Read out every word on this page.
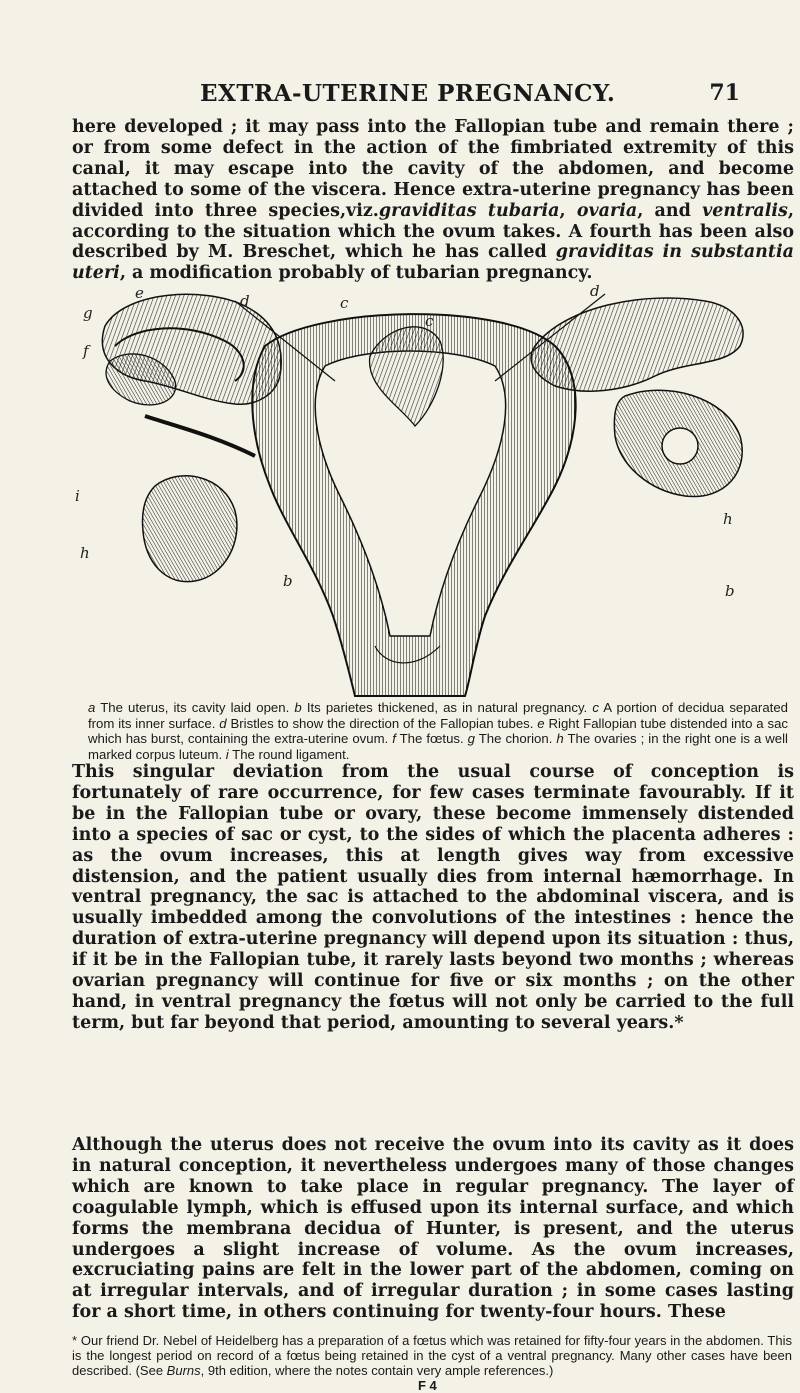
EXTRA-UTERINE PREGNANCY.	71
here developed ; it may pass into the Fallopian tube and remain there ; or from some defect in the action of the fimbriated extremity of this canal, it may escape into the cavity of the abdomen, and become attached to some of the viscera. Hence extra-uterine pregnancy has been divided into three species,viz.graviditas tubaria, ovaria, and ventralis, according to the situation which the ovum takes. A fourth has been also described by M. Breschet, which he has called graviditas in substantia uteri, a modification probably of tubarian pregnancy.
e	d	c
d
g
f
c
i
h
h
b
b
a The uterus, its cavity laid open. b Its parietes thickened, as in natural pregnancy. c A portion of decidua separated from its inner surface. d Bristles to show the direction of the Fallopian tubes. e Right Fallopian tube distended into a sac which has burst, containing the extra-uterine ovum. f The fœtus. g The chorion. h The ovaries ; in the right one is a well marked corpus luteum. i The round ligament.
This singular deviation from the usual course of conception is fortunately of rare occurrence, for few cases terminate favourably. If it be in the Fallopian tube or ovary, these become immensely distended into a species of sac or cyst, to the sides of which the placenta adheres : as the ovum increases, this at length gives way from excessive distension, and the patient usually dies from internal hæmorrhage. In ventral pregnancy, the sac is attached to the abdominal viscera, and is usually imbedded among the convolutions of the intestines : hence the duration of extra-uterine pregnancy will depend upon its situation : thus, if it be in the Fallopian tube, it rarely lasts beyond two months ; whereas ovarian pregnancy will continue for five or six months ; on the other hand, in ventral pregnancy the fœtus will not only be carried to the full term, but far beyond that period, amounting to several years.*
Although the uterus does not receive the ovum into its cavity as it does in natural conception, it nevertheless undergoes many of those changes which are known to take place in regular pregnancy. The layer of coagulable lymph, which is effused upon its internal surface, and which forms the membrana decidua of Hunter, is present, and the uterus undergoes a slight increase of volume. As the ovum increases, excruciating pains are felt in the lower part of the abdomen, coming on at irregular intervals, and of irregular duration ; in some cases lasting for a short time, in others continuing for twenty-four hours. These
* Our friend Dr. Nebel of Heidelberg has a preparation of a fœtus which was retained for fifty-four years in the abdomen. This is the longest period on record of a fœtus being retained in the cyst of a ventral pregnancy. Many other cases have been described. (See Burns, 9th edition, where the notes contain very ample references.)
F 4
